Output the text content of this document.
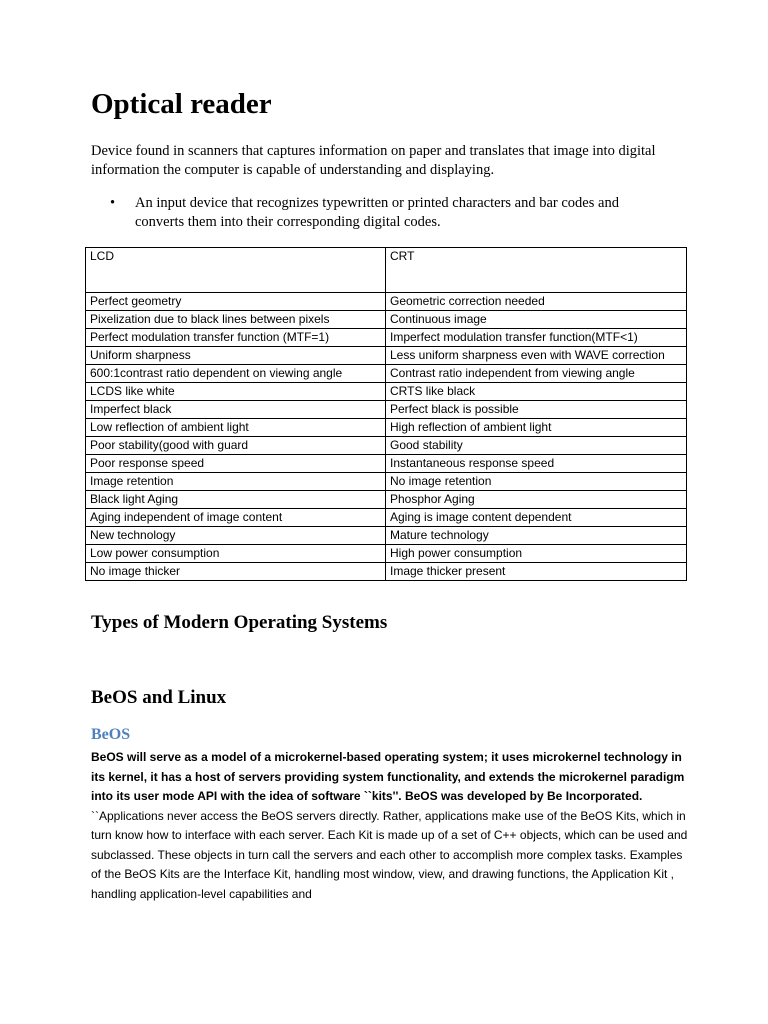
Optical reader

Device found in scanners that captures information on paper and translates that image into digital information the computer is capable of understanding and displaying.

• An input device that recognizes typewritten or printed characters and bar codes and converts them into their corresponding digital codes.
LCD	CRT
Perfect geometry	Geometric correction needed
Pixelization due to black lines between pixels	Continuous image
Perfect modulation transfer function (MTF=1)	Imperfect modulation transfer function(MTF<1)
Uniform sharpness	Less uniform sharpness even with WAVE correction
600:1contrast ratio dependent on viewing angle	Contrast ratio independent from viewing angle
LCDS like white	CRTS like black
Imperfect black	Perfect black is possible
Low reflection of ambient light	High reflection of ambient light
Poor stability(good with guard	Good stability
Poor response speed	Instantaneous response speed
Image retention	No image retention
Black light Aging	Phosphor Aging
Aging independent of image content	Aging is image content dependent
New technology	Mature technology
Low power consumption	High power consumption
No image thicker	Image thicker present
Types of Modern Operating Systems
BeOS and Linux
BeOS

BeOS will serve as a model of a microkernel-based operating system; it uses microkernel technology in its kernel, it has a host of servers providing system functionality, and extends the microkernel paradigm into its user mode API with the idea of software ``kits''. BeOS was developed by Be Incorporated. ``Applications never access the BeOS servers directly. Rather, applications make use of the BeOS Kits, which in turn know how to interface with each server. Each Kit is made up of a set of C++ objects, which can be used and subclassed. These objects in turn call the servers and each other to accomplish more complex tasks. Examples of the BeOS Kits are the Interface Kit, handling most window, view, and drawing functions, the Application Kit , handling application-level capabilities and
